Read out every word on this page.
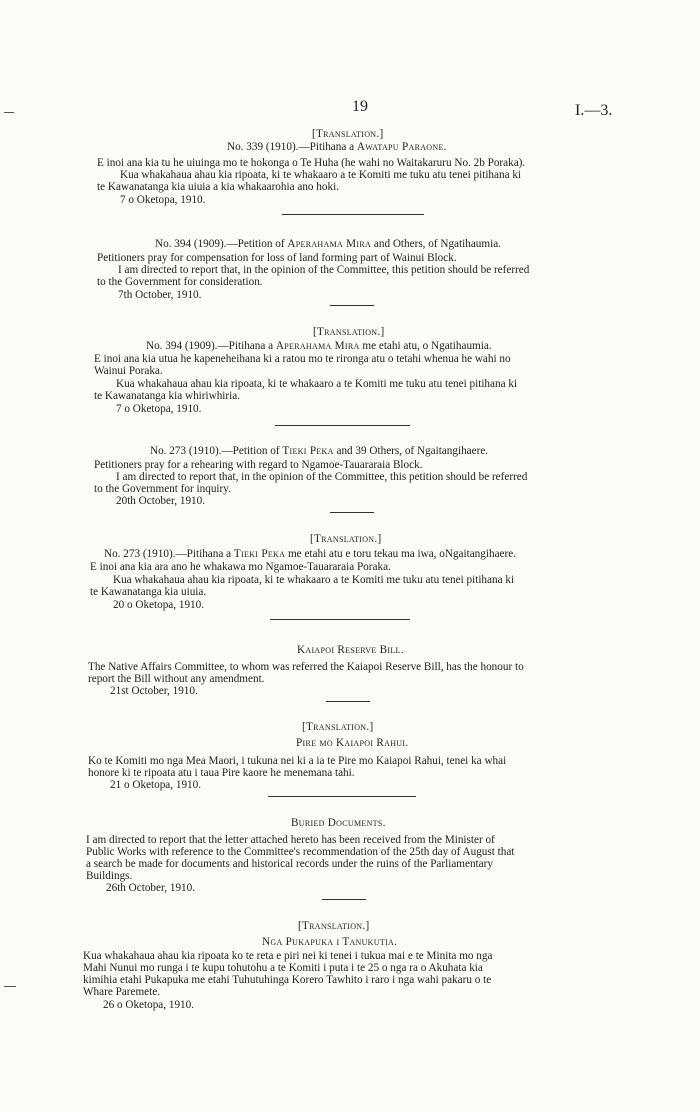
19	I.—3.
[Translation.]
No. 339 (1910).—Pitihana a Awatapu Paraone.
E inoi ana kia tu he uiuinga mo te hokonga o Te Huha (he wahi no Waitakaruru No. 2b Poraka).
Kua whakahaua ahau kia ripoata, ki te whakaaro a te Komiti me tuku atu tenei pitihana ki
te Kawanatanga kia uiuia a kia whakaarohia ano hoki.
7 o Oketopa, 1910.
No. 394 (1909).—Petition of Aperahama Mira and Others, of Ngatihaumia.
Petitioners pray for compensation for loss of land forming part of Wainui Block.
I am directed to report that, in the opinion of the Committee, this petition should be referred
to the Government for consideration.
7th October, 1910.
[Translation.]
No. 394 (1909).—Pitihana a Aperahama Mira me etahi atu, o Ngatihaumia.
E inoi ana kia utua he kapeneheihana ki a ratou mo te rironga atu o tetahi whenua he wahi no
Wainui Poraka.
Kua whakahaua ahau kia ripoata, ki te whakaaro a te Komiti me tuku atu tenei pitihana ki
te Kawanatanga kia whiriwhiria.
7 o Oketopa, 1910.
No. 273 (1910).—Petition of Tieki Peka and 39 Others, of Ngaitangihaere.
Petitioners pray for a rehearing with regard to Ngamoe-Tauararaia Block.
I am directed to report that, in the opinion of the Committee, this petition should be referred
to the Government for inquiry.
20th October, 1910.
[Translation.]
No. 273 (1910).—Pitihana a Tieki Peka me etahi atu e toru tekau ma iwa, oNgaitangihaere.
E inoi ana kia ara ano he whakawa mo Ngamoe-Tauararaia Poraka.
Kua whakahaua ahau kia ripoata, ki te whakaaro a te Komiti me tuku atu tenei pitihana ki
te Kawanatanga kia uiuia.
20 o Oketopa, 1910.
Kaiapoi Reserve Bill.
The Native Affairs Committee, to whom was referred the Kaiapoi Reserve Bill, has the honour to
report the Bill without any amendment.
21st October, 1910.
[Translation.]
Pire mo Kaiapoi Rahui.
Ko te Komiti mo nga Mea Maori, i tukuna nei ki a ia te Pire mo Kaiapoi Rahui, tenei ka whai
honore ki te ripoata atu i taua Pire kaore he menemana tahi.
21 o Oketopa, 1910.
Buried Documents.
I am directed to report that the letter attached hereto has been received from the Minister of
Public Works with reference to the Committee's recommendation of the 25th day of August that
a search be made for documents and historical records under the ruins of the Parliamentary
Buildings.
26th October, 1910.
[Translation.]
Nga Pukapuka i Tanukutia.
Kua whakahaua ahau kia ripoata ko te reta e piri nei ki tenei i tukua mai e te Minita mo nga
Mahi Nunui mo runga i te kupu tohutohu a te Komiti i puta i te 25 o nga ra o Akuhata kia
kimihia etahi Pukapuka me etahi Tuhutuhinga Korero Tawhito i raro i nga wahi pakaru o te
Whare Paremete.
26 o Oketopa, 1910.
